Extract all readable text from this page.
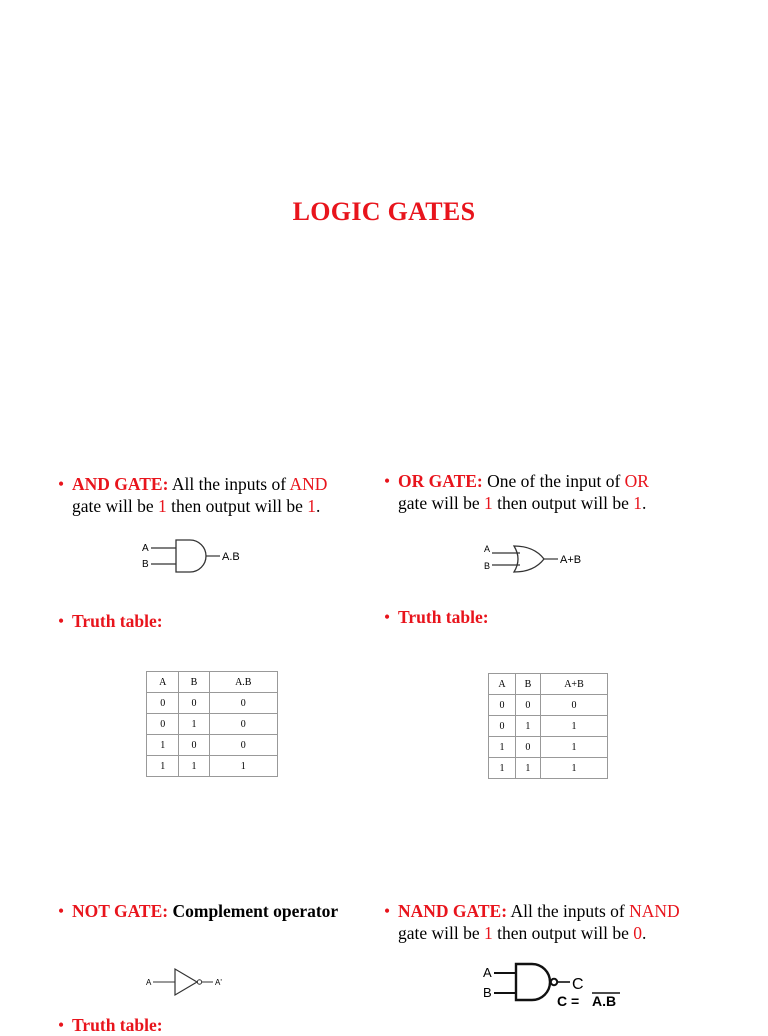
LOGIC GATES
• AND GATE: All the inputs of AND
gate will be 1 then output will be 1.
• OR GATE: One of the input of OR
gate will be 1 then output will be 1.
A
B
A.B
A
B	A+B
• Truth table:	• Truth table:
A	B	A.B
0	0	0
0	1	0
1	0	0
1	1	1
A	B	A+B
0	0	0
0	1	1
1	0	1
1	1	1
• NOT GATE: Complement operator	• NAND GATE: All the inputs of NAND
gate will be 1 then output will be 0.
A	A'
A
B	C
C = A.B
• Truth table:
